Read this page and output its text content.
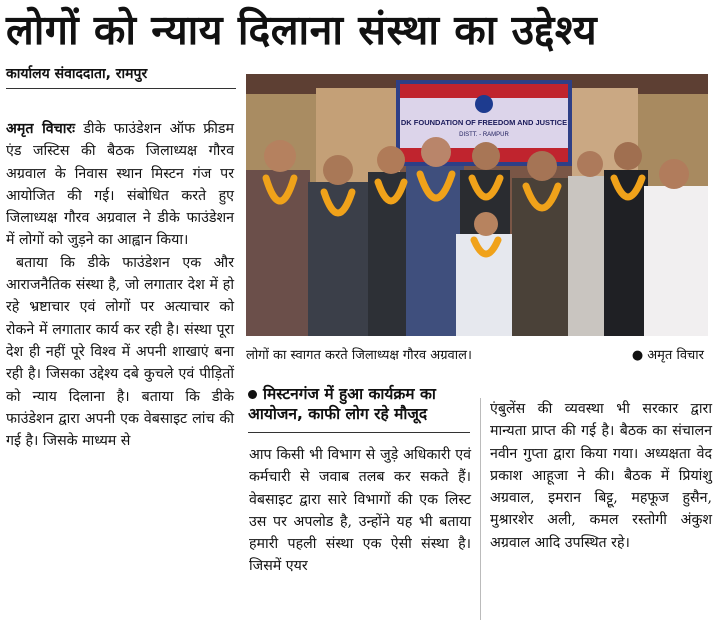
लोगों को न्याय दिलाना संस्था का उद्देश्य
कार्यालय संवाददाता, रामपुर

अमृत विचारः डीके फाउंडेशन ऑफ फ्रीडम एंड जस्टिस की बैठक जिलाध्यक्ष गौरव अग्रवाल के निवास स्थान मिस्टन गंज पर आयोजित की गई। संबोधित करते हुए जिलाध्यक्ष गौरव अग्रवाल ने डीके फाउंडेशन में लोगों को जुड़ने का आह्वान किया।

बताया कि डीके फाउंडेशन एक और आराजनैतिक संस्था है, जो लगातार देश में हो रहे भ्रष्टाचार एवं लोगों पर अत्याचार को रोकने में लगातार कार्य कर रही है। संस्था पूरा देश ही नहीं पूरे विश्व में अपनी शाखाएं बना रही है। जिसका उद्देश्य दबे कुचले एवं पीड़ितों को न्याय दिलाना है। बताया कि डीके फाउंडेशन द्वारा अपनी एक वेबसाइट लांच की गई है। जिसके माध्यम से

DK FOUNDATION OF FREEDOM AND JUSTICE
DISTT. - RAMPUR
लोगों का स्वागत करते जिलाध्यक्ष गौरव अग्रवाल।
●	अमृत विचार
मिस्टनगंज में हुआ कार्यक्रम का आयोजन, काफी लोग रहे मौजूद

आप किसी भी विभाग से जुड़े अधिकारी एवं कर्मचारी से जवाब तलब कर सकते हैं। वेबसाइट द्वारा सारे विभागों की एक लिस्ट उस पर अपलोड है, उन्होंने यह भी बताया हमारी पहली संस्था एक ऐसी संस्था है। जिसमें एयर

एंबुलेंस की व्यवस्था भी सरकार द्वारा मान्यता प्राप्त की गई है। बैठक का संचालन नवीन गुप्ता द्वारा किया गया। अध्यक्षता वेद प्रकाश आहूजा ने की। बैठक में प्रियांशु अग्रवाल, इमरान बिट्टू, महफूज हुसैन, मुश्रारशेर अली, कमल रस्तोगी अंकुश अग्रवाल आदि उपस्थित रहे।
